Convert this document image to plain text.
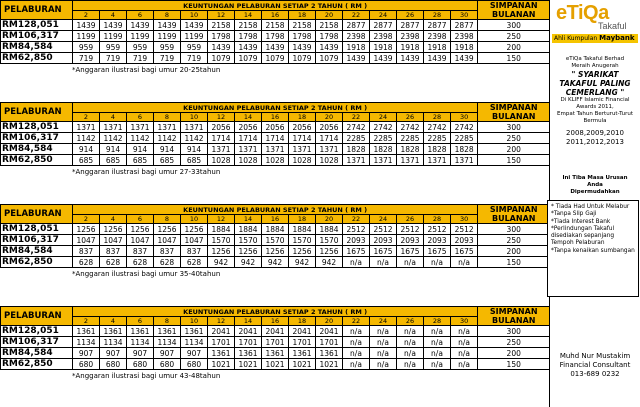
PELABURAN	KEUNTUNGAN PELABURAN SETIAP 2 TAHUN ( RM )															SIMPANAN
BULANAN
	2	4	6	8	10	12	14	16	18	20	22	24	26	28	30	
RM128,051	1439	1439	1439	1439	1439	2158	2158	2158	2158	2158	2877	2877	2877	2877	2877	300
RM106,317	1199	1199	1199	1199	1199	1798	1798	1798	1798	1798	2398	2398	2398	2398	2398	250
RM84,584	959	959	959	959	959	1439	1439	1439	1439	1439	1918	1918	1918	1918	1918	200
RM62,850	719	719	719	719	719	1079	1079	1079	1079	1079	1439	1439	1439	1439	1439	150
*Anggaran ilustrasi bagi umur 20-25tahun
PELABURAN	KEUNTUNGAN PELABURAN SETIAP 2 TAHUN ( RM )															SIMPANAN
BULANAN
	2	4	6	8	10	12	14	16	18	20	22	24	26	28	30	
RM128,051	1371	1371	1371	1371	1371	2056	2056	2056	2056	2056	2742	2742	2742	2742	2742	300
RM106,317	1142	1142	1142	1142	1142	1714	1714	1714	1714	1714	2285	2285	2285	2285	2285	250
RM84,584	914	914	914	914	914	1371	1371	1371	1371	1371	1828	1828	1828	1828	1828	200
RM62,850	685	685	685	685	685	1028	1028	1028	1028	1028	1371	1371	1371	1371	1371	150
*Anggaran ilustrasi bagi umur 27-33tahun
PELABURAN	KEUNTUNGAN PELABURAN SETIAP 2 TAHUN ( RM )															SIMPANAN
BULANAN
	2	4	6	8	10	12	14	16	18	20	22	24	26	28	30	
RM128,051	1256	1256	1256	1256	1256	1884	1884	1884	1884	1884	2512	2512	2512	2512	2512	300
RM106,317	1047	1047	1047	1047	1047	1570	1570	1570	1570	1570	2093	2093	2093	2093	2093	250
RM84,584	837	837	837	837	837	1256	1256	1256	1256	1256	1675	1675	1675	1675	1675	200
RM62,850	628	628	628	628	628	942	942	942	942	942	n/a	n/a	n/a	n/a	n/a	150
*Anggaran ilustrasi bagi umur 35-40tahun
PELABURAN	KEUNTUNGAN PELABURAN SETIAP 2 TAHUN ( RM )															SIMPANAN
BULANAN
	2	4	6	8	10	12	14	16	18	20	22	24	26	28	30	
RM128,051	1361	1361	1361	1361	1361	2041	2041	2041	2041	2041	n/a	n/a	n/a	n/a	n/a	300
RM106,317	1134	1134	1134	1134	1134	1701	1701	1701	1701	1701	n/a	n/a	n/a	n/a	n/a	250
RM84,584	907	907	907	907	907	1361	1361	1361	1361	1361	n/a	n/a	n/a	n/a	n/a	200
RM62,850	680	680	680	680	680	1021	1021	1021	1021	1021	n/a	n/a	n/a	n/a	n/a	150
*Anggaran ilustrasi bagi umur 43-48tahun
eTiQa
Takaful
Ahli Kumpulan Maybank
eTiQa Takaful Berhad
Meraih Anugerah
" SYARIKAT TAKAFUL PALING CEMERLANG "
Di KLIFF Islamic Financial
Awards 2011,
Empat Tahun Berturut-Turut
Bermula
2008,2009,2010
2011,2012,2013
Ini Tiba Masa Urusan
Anda
Dipermudahkan
* Tiada Had Untuk Melabur
*Tanpa Slip Gaji
*Tiada Interest Bank
*Perlindungan Takaful disediakan sepanjang Tempoh Pelaburan
*Tanpa kenaikan sumbangan
Muhd Nur Mustakim
Financial Consultant
013-689 0232
